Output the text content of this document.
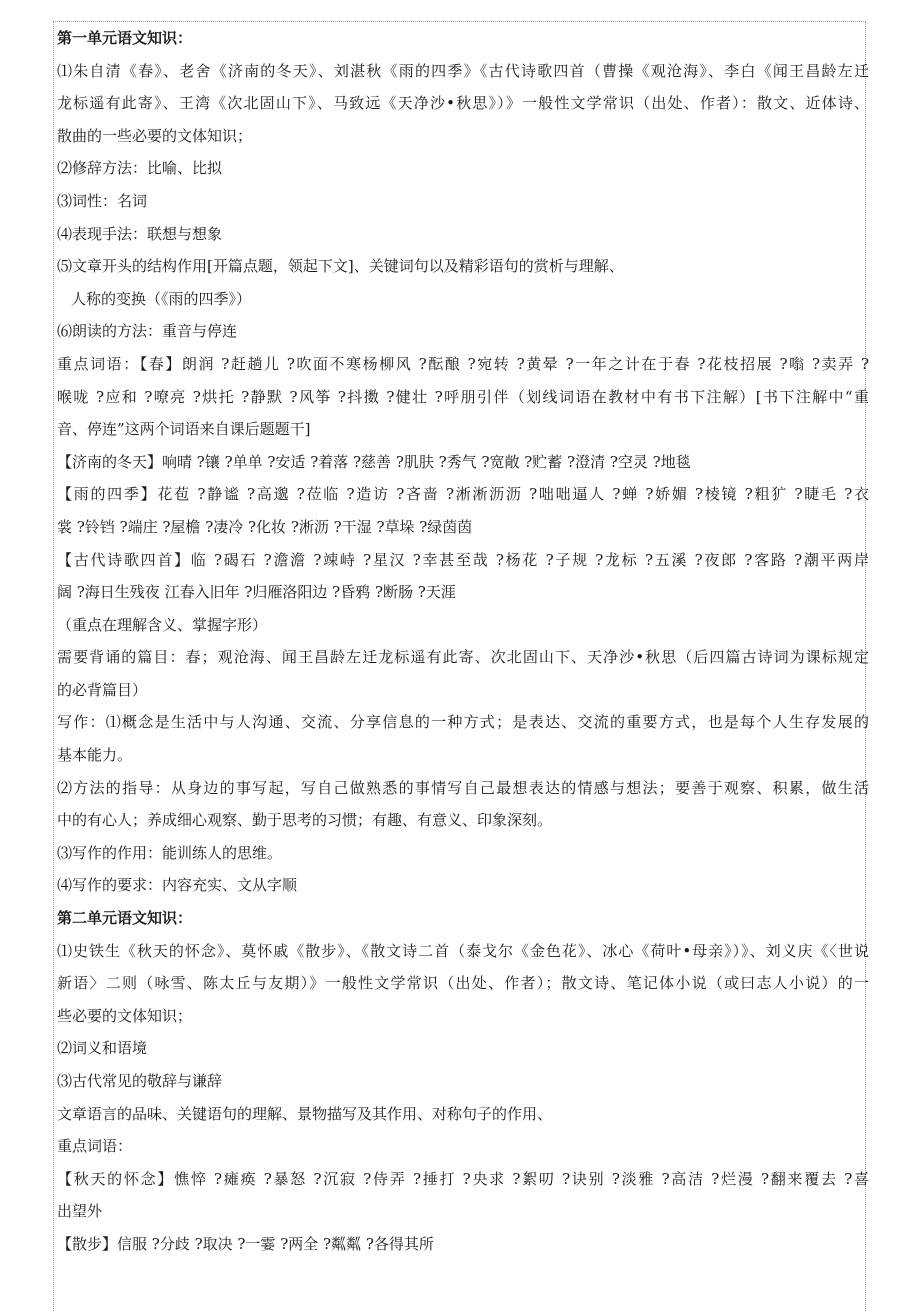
第一单元语文知识：
⑴朱自清《春》、老舍《济南的冬天》、刘湛秋《雨的四季》《古代诗歌四首（曹操《观沧海》、李白《闻王昌龄左迁
龙标遥有此寄》、王湾《次北固山下》、马致远《天净沙•秋思》）》一般性文学常识（出处、作者）：散文、近体诗、
散曲的一些必要的文体知识；
⑵修辞方法：比喻、比拟
⑶词性：名词
⑷表现手法：联想与想象
⑸文章开头的结构作用[开篇点题，领起下文]、关键词句以及精彩语句的赏析与理解、
人称的变换（《雨的四季》）
⑹朗读的方法：重音与停连
重点词语：【春】朗润 ?赶趟儿 ?吹面不寒杨柳风 ?酝酿 ?宛转 ?黄晕 ?一年之计在于春 ?花枝招展 ?嗡 ?卖弄 ?
喉咙 ?应和 ?嘹亮 ?烘托 ?静默 ?风筝 ?抖擞 ?健壮 ?呼朋引伴（划线词语在教材中有书下注解）[书下注解中“重
音、停连”这两个词语来自课后题题干]
【济南的冬天】响晴 ?镶 ?单单 ?安适 ?着落 ?慈善 ?肌肤 ?秀气 ?宽敞 ?贮蓄 ?澄清 ?空灵 ?地毯
【雨的四季】花苞 ?静谧 ?高邈 ?莅临 ?造访 ?吝啬 ?淅淅沥沥 ?咄咄逼人 ?蝉 ?娇媚 ?棱镜 ?粗犷 ?睫毛 ?衣
裳 ?铃铛 ?端庄 ?屋檐 ?凄冷 ?化妆 ?淅沥 ?干湿 ?草垛 ?绿茵茵
【古代诗歌四首】临 ?碣石 ?澹澹 ?竦峙 ?星汉 ?幸甚至哉 ?杨花 ?子规 ?龙标 ?五溪 ?夜郎 ?客路 ?潮平两岸
阔 ?海日生残夜 江春入旧年 ?归雁洛阳边 ?昏鸦 ?断肠 ?天涯
（重点在理解含义、掌握字形）
需要背诵的篇目：春；观沧海、闻王昌龄左迁龙标遥有此寄、次北固山下、天净沙•秋思（后四篇古诗词为课标规定
的必背篇目）
写作：⑴概念是生活中与人沟通、交流、分享信息的一种方式；是表达、交流的重要方式，也是每个人生存发展的
基本能力。
⑵方法的指导：从身边的事写起，写自己做熟悉的事情写自己最想表达的情感与想法；要善于观察、积累，做生活
中的有心人；养成细心观察、勤于思考的习惯；有趣、有意义、印象深刻。
⑶写作的作用：能训练人的思维。
⑷写作的要求：内容充实、文从字顺
第二单元语文知识：
⑴史铁生《秋天的怀念》、莫怀戚《散步》、《散文诗二首（泰戈尔《金色花》、冰心《荷叶•母亲》）》、刘义庆《〈世说
新语〉二则（咏雪、陈太丘与友期）》一般性文学常识（出处、作者）；散文诗、笔记体小说（或曰志人小说）的一
些必要的文体知识；
⑵词义和语境
⑶古代常见的敬辞与谦辞
文章语言的品味、关键语句的理解、景物描写及其作用、对称句子的作用、
重点词语：
【秋天的怀念】憔悴 ?瘫痪 ?暴怒 ?沉寂 ?侍弄 ?捶打 ?央求 ?絮叨 ?诀别 ?淡雅 ?高洁 ?烂漫 ?翻来覆去 ?喜
出望外
【散步】信服 ?分歧 ?取决 ?一霎 ?两全 ?粼粼 ?各得其所
